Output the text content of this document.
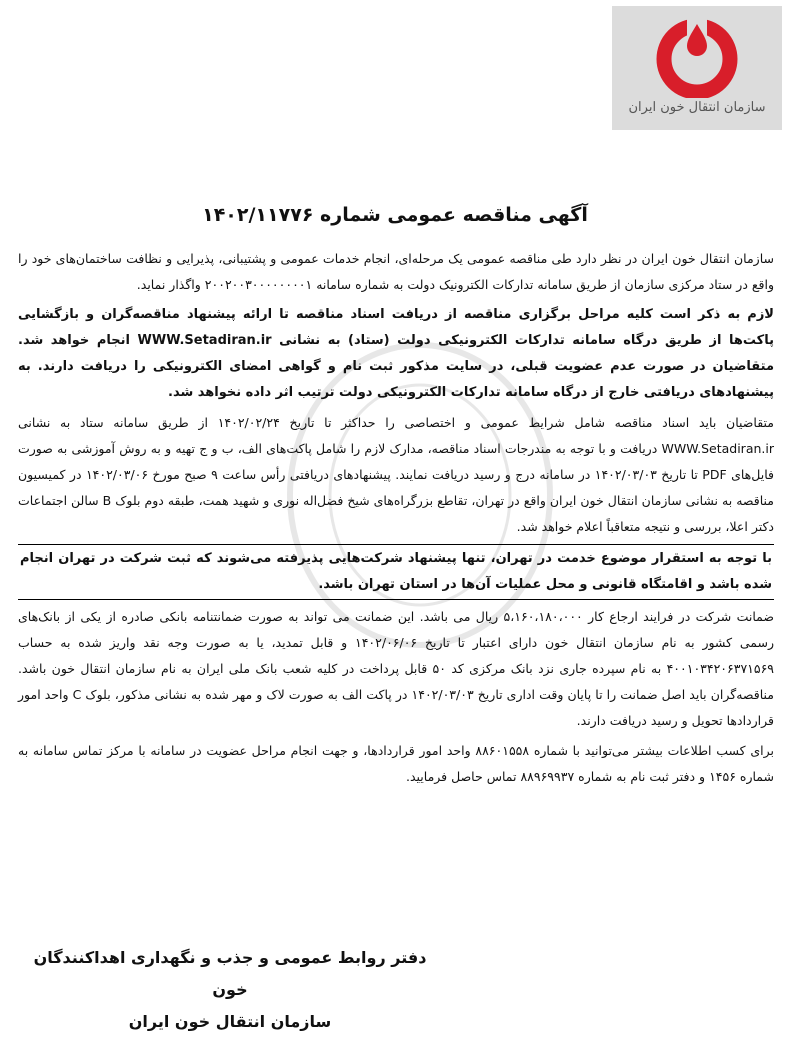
سازمان انتقال خون ایران
آگهی مناقصه عمومی شماره ۱۴۰۲/۱۱۷۷۶

سازمان انتقال خون ایران در نظر دارد طی مناقصه عمومی یک مرحله‌ای، انجام خدمات عمومی و پشتیبانی، پذیرایی و نظافت ساختمان‌های خود را واقع در ستاد مرکزی سازمان از طریق سامانه تدارکات الکترونیک دولت به شماره سامانه ۲۰۰۲۰۰۳۰۰۰۰۰۰۰۰۱ واگذار نماید.

لازم به ذکر است کلیه مراحل برگزاری مناقصه از دریافت اسناد مناقصه تا ارائه پیشنهاد مناقصه‌گران و بازگشایی پاکت‌ها از طریق درگاه سامانه تدارکات الکترونیکی دولت (ستاد) به نشانی WWW.Setadiran.ir انجام خواهد شد. متقاضیان در صورت عدم عضویت قبلی، در سایت مذکور ثبت نام و گواهی امضای الکترونیکی را دریافت دارند. به پیشنهادهای دریافتی خارج از درگاه سامانه تدارکات الکترونیکی دولت ترتیب اثر داده نخواهد شد.

متقاضیان باید اسناد مناقصه شامل شرایط عمومی و اختصاصی را حداکثر تا تاریخ ۱۴۰۲/۰۲/۲۴ از طریق سامانه ستاد به نشانی WWW.Setadiran.ir دریافت و با توجه به مندرجات اسناد مناقصه، مدارک لازم را شامل پاکت‌های الف، ب و ج تهیه و به روش آموزشی به صورت فایل‌های PDF تا تاریخ ۱۴۰۲/۰۳/۰۳ در سامانه درج و رسید دریافت نمایند. پیشنهادهای دریافتی رأس ساعت ۹ صبح مورخ ۱۴۰۲/۰۳/۰۶ در کمیسیون مناقصه به نشانی سازمان انتقال خون ایران واقع در تهران، تقاطع بزرگراه‌های شیخ فضل‌اله نوری و شهید همت، طبقه دوم بلوک B سالن اجتماعات دکتر اعلا، بررسی و نتیجه متعاقباً اعلام خواهد شد.

با توجه به استقرار موضوع خدمت در تهران، تنها پیشنهاد شرکت‌هایی پذیرفته می‌شوند که ثبت شرکت در تهران انجام شده باشد و اقامتگاه قانونی و محل عملیات آن‌ها در استان تهران باشد.

ضمانت شرکت در فرایند ارجاع کار ۵،۱۶۰،۱۸۰،۰۰۰ ریال می باشد. این ضمانت می تواند به صورت ضمانتنامه بانکی صادره از یکی از بانک‌های رسمی کشور به نام سازمان انتقال خون دارای اعتبار تا تاریخ ۱۴۰۲/۰۶/۰۶ و قابل تمدید، یا به صورت وجه نقد واریز شده به حساب ۴۰۰۱۰۳۴۲۰۶۳۷۱۵۶۹ به نام سپرده جاری نزد بانک مرکزی کد ۵۰ قابل پرداخت در کلیه شعب بانک ملی ایران به نام سازمان انتقال خون باشد. مناقصه‌گران باید اصل ضمانت را تا پایان وقت اداری تاریخ ۱۴۰۲/۰۳/۰۳ در پاکت الف به صورت لاک و مهر شده به نشانی مذکور، بلوک C واحد امور قراردادها تحویل و رسید دریافت دارند.

برای کسب اطلاعات بیشتر می‌توانید با شماره ۸۸۶۰۱۵۵۸ واحد امور قراردادها، و جهت انجام مراحل عضویت در سامانه با مرکز تماس سامانه به شماره ۱۴۵۶ و دفتر ثبت نام به شماره ۸۸۹۶۹۹۳۷ تماس حاصل فرمایید.

دفتر روابط عمومی و جذب و نگهداری اهداکنندگان خون
سازمان انتقال خون ایران
